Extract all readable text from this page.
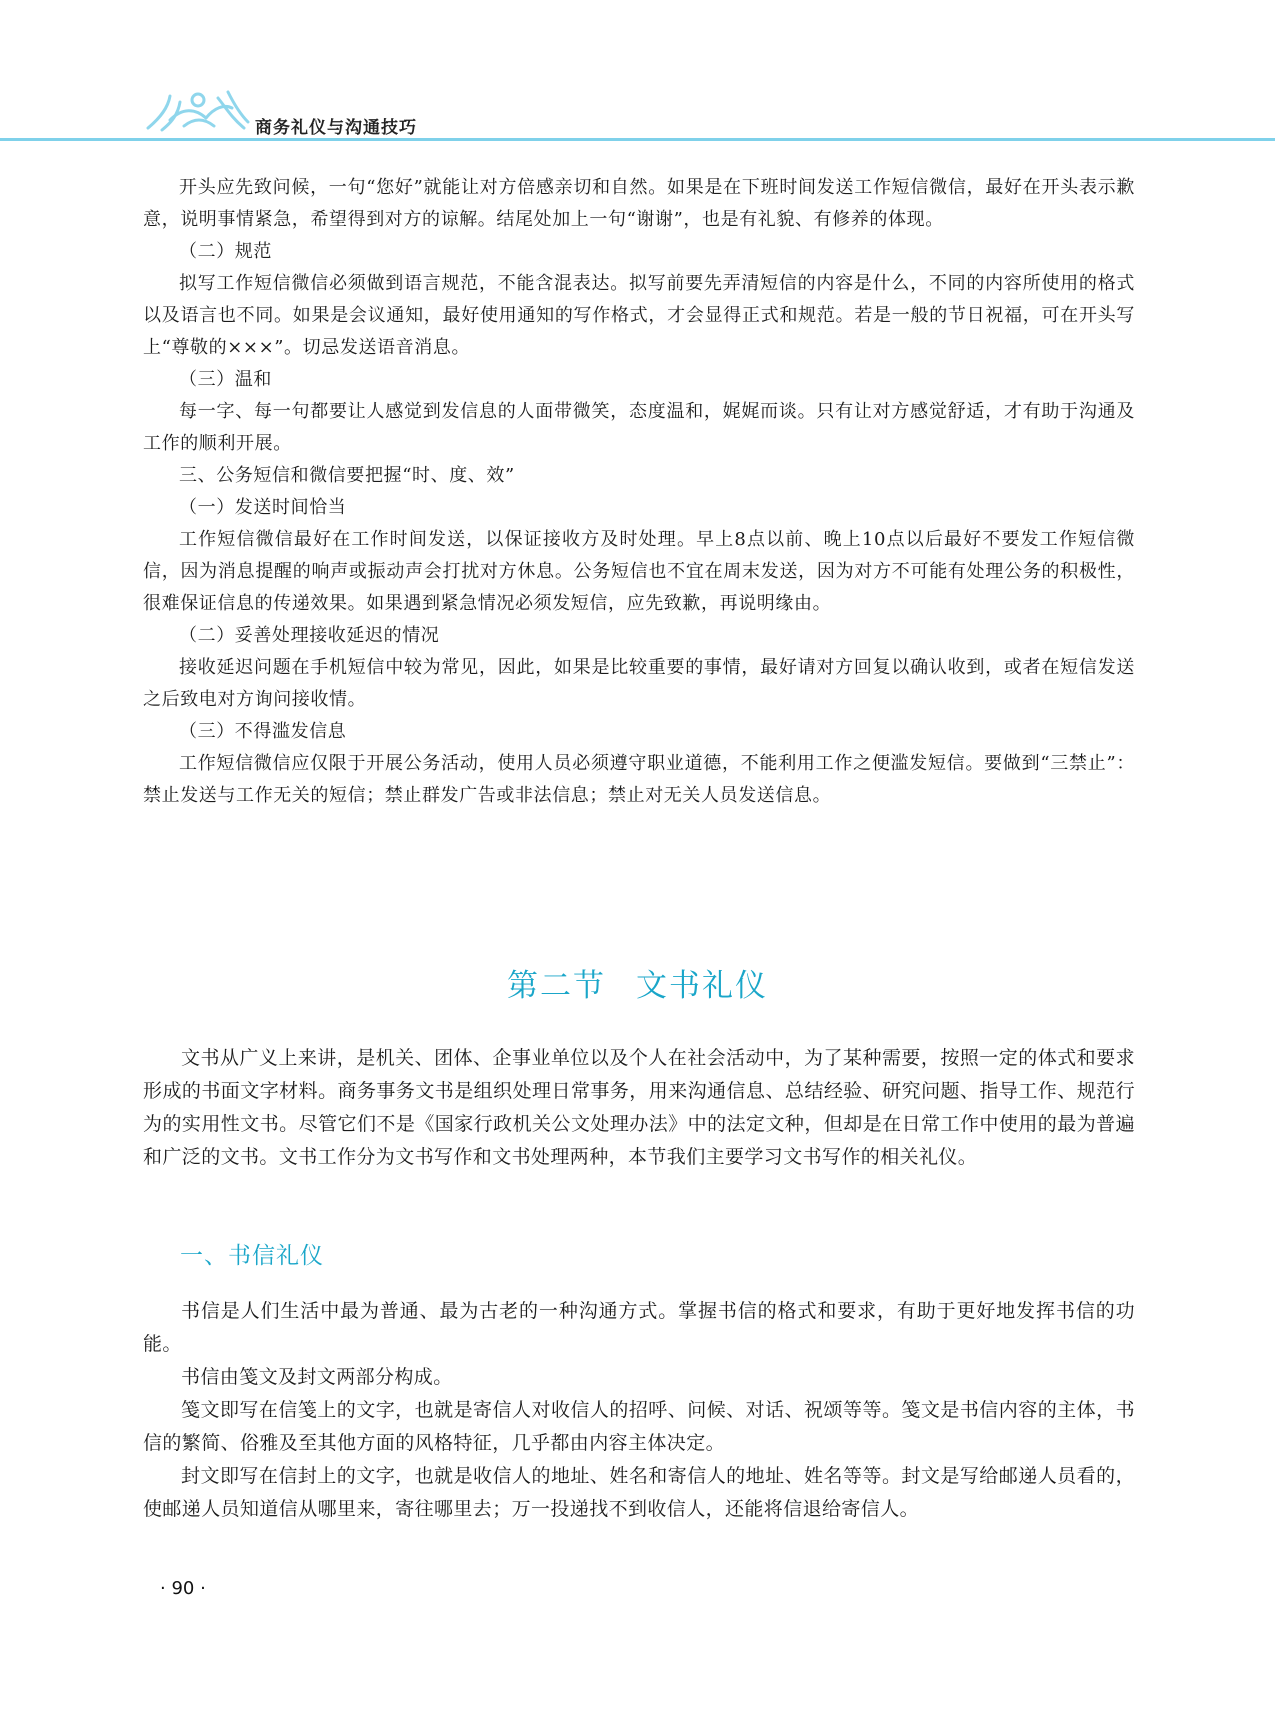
商务礼仪与沟通技巧

开头应先致问候，一句“您好”就能让对方倍感亲切和自然。如果是在下班时间发送工作短信微信，最好在开头表示歉意，说明事情紧急，希望得到对方的谅解。结尾处加上一句“谢谢”，也是有礼貌、有修养的体现。

（二）规范

拟写工作短信微信必须做到语言规范，不能含混表达。拟写前要先弄清短信的内容是什么，不同的内容所使用的格式以及语言也不同。如果是会议通知，最好使用通知的写作格式，才会显得正式和规范。若是一般的节日祝福，可在开头写上“尊敬的×××”。切忌发送语音消息。

（三）温和

每一字、每一句都要让人感觉到发信息的人面带微笑，态度温和，娓娓而谈。只有让对方感觉舒适，才有助于沟通及工作的顺利开展。

三、公务短信和微信要把握“时、度、效”

（一）发送时间恰当

工作短信微信最好在工作时间发送，以保证接收方及时处理。早上8点以前、晚上10点以后最好不要发工作短信微信，因为消息提醒的响声或振动声会打扰对方休息。公务短信也不宜在周末发送，因为对方不可能有处理公务的积极性，很难保证信息的传递效果。如果遇到紧急情况必须发短信，应先致歉，再说明缘由。

（二）妥善处理接收延迟的情况

接收延迟问题在手机短信中较为常见，因此，如果是比较重要的事情，最好请对方回复以确认收到，或者在短信发送之后致电对方询问接收情。

（三）不得滥发信息

工作短信微信应仅限于开展公务活动，使用人员必须遵守职业道德，不能利用工作之便滥发短信。要做到“三禁止”：禁止发送与工作无关的短信；禁止群发广告或非法信息；禁止对无关人员发送信息。

第二节 文书礼仪

文书从广义上来讲，是机关、团体、企事业单位以及个人在社会活动中，为了某种需要，按照一定的体式和要求形成的书面文字材料。商务事务文书是组织处理日常事务，用来沟通信息、总结经验、研究问题、指导工作、规范行为的实用性文书。尽管它们不是《国家行政机关公文处理办法》中的法定文种，但却是在日常工作中使用的最为普遍和广泛的文书。文书工作分为文书写作和文书处理两种，本节我们主要学习文书写作的相关礼仪。

一、书信礼仪

书信是人们生活中最为普通、最为古老的一种沟通方式。掌握书信的格式和要求，有助于更好地发挥书信的功能。

书信由笺文及封文两部分构成。

笺文即写在信笺上的文字，也就是寄信人对收信人的招呼、问候、对话、祝颂等等。笺文是书信内容的主体，书信的繁简、俗雅及至其他方面的风格特征，几乎都由内容主体决定。

封文即写在信封上的文字，也就是收信人的地址、姓名和寄信人的地址、姓名等等。封文是写给邮递人员看的，使邮递人员知道信从哪里来，寄往哪里去；万一投递找不到收信人，还能将信退给寄信人。

· 90 ·
